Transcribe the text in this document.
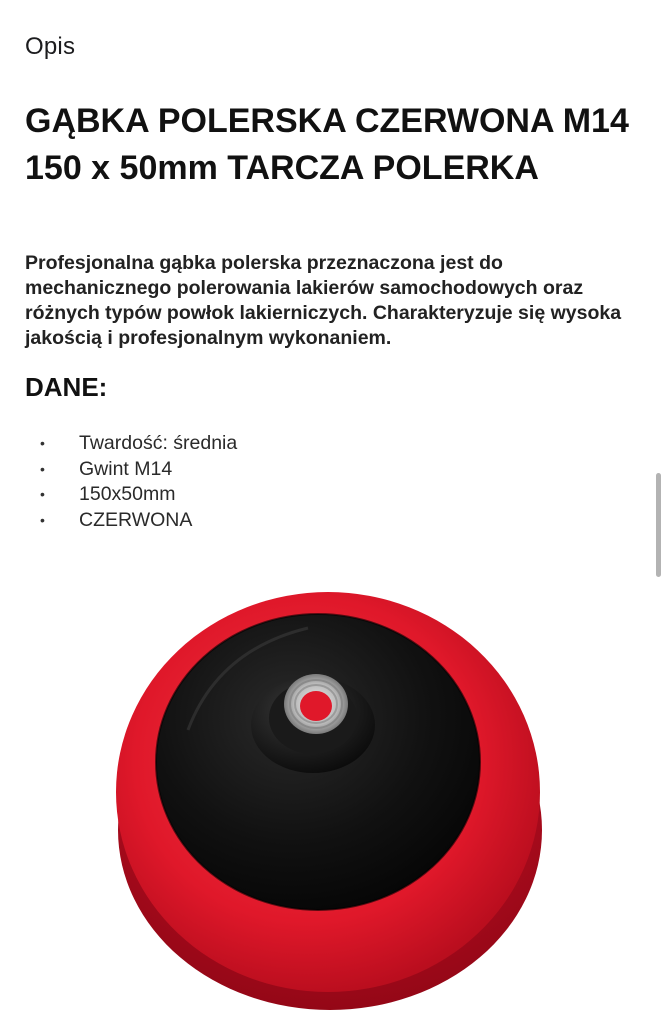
Opis
GĄBKA POLERSKA CZERWONA M14 150 x 50mm TARCZA POLERKA

Profesjonalna gąbka polerska przeznaczona jest do mechanicznego polerowania lakierów samochodowych oraz różnych typów powłok lakierniczych. Charakteryzuje się wysoka jakością i profesjonalnym wykonaniem.

DANE:
• Twardość: średnia
• Gwint M14
• 150x50mm
• CZERWONA
